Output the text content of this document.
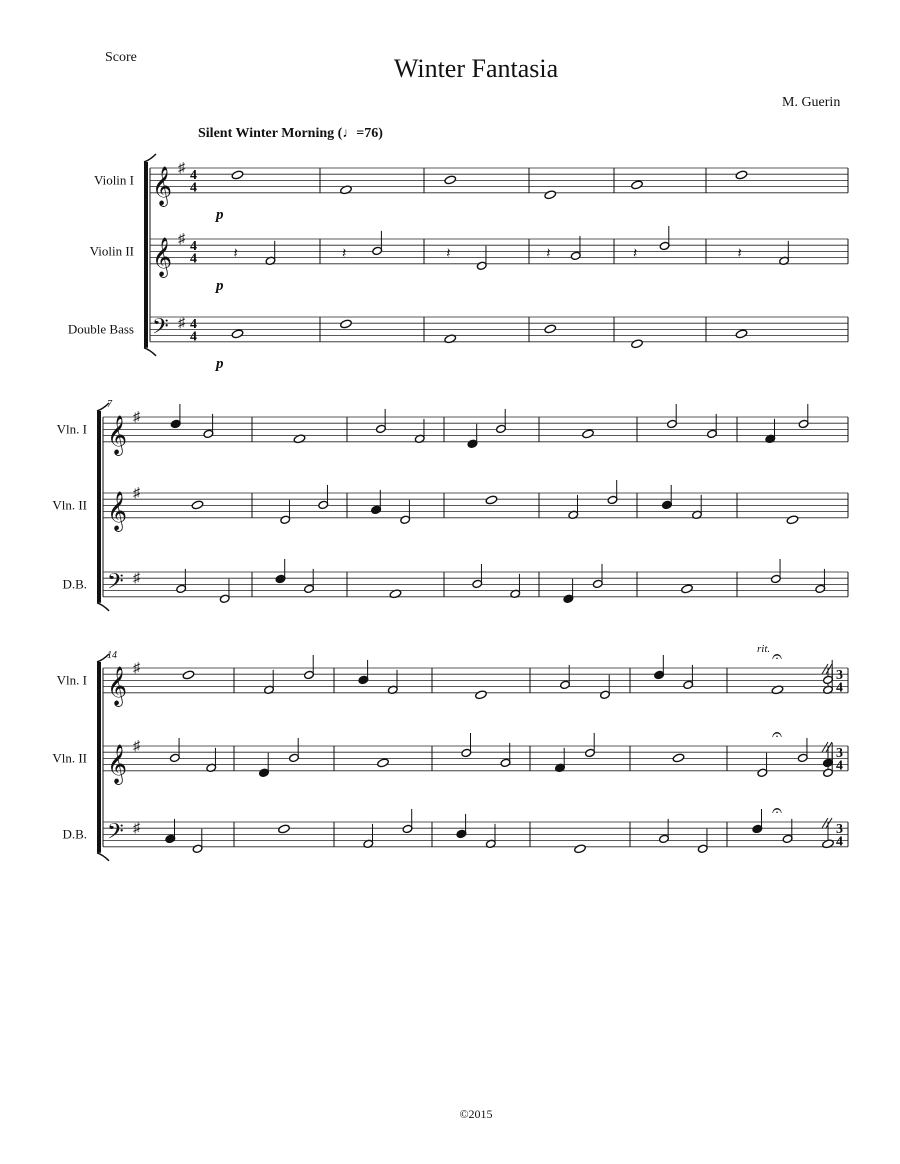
Score	Winter Fantasia
M. Guerin
Silent Winter Morning (♩=76)
©2015
Violin I 𝄞 ♯ 4
4
p
Violin II 𝄞 ♯ 4
4
p
Double Bass 𝄢 ♯ 4
4
p
𝄽	𝄽	𝄽	𝄽	𝄽	𝄽
7
Vln. I 𝄞 ♯
Vln. II 𝄞 ♯
D.B. 𝄢 ♯
14
Vln. I 𝄞 ♯	3
4
Vln. II 𝄞 ♯	3
4
D.B. 𝄢 ♯	3
4
rit. 𝄐
𝄐
𝄐
